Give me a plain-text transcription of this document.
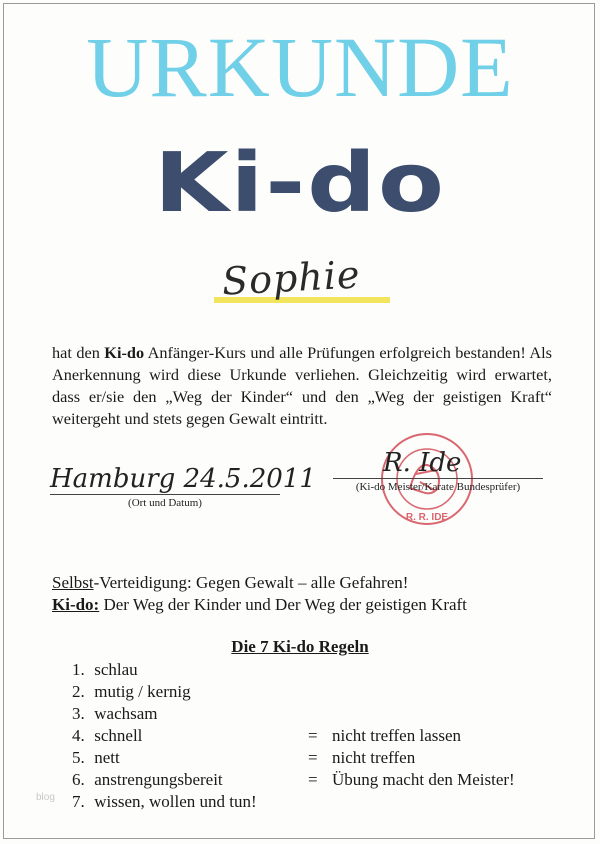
URKUNDE
Ki-do
Sophie
hat den Ki-do Anfänger-Kurs und alle Prüfungen erfolgreich bestanden! Als Anerkennung wird diese Urkunde verliehen. Gleichzeitig wird erwartet, dass er/sie den „Weg der Kinder“ und den „Weg der geistigen Kraft“ weitergeht und stets gegen Gewalt eintritt.
Hamburg 24.5.2011
(Ort und Datum)
R. R. IDE
R. Ide
(Ki-do Meister/Karate Bundesprüfer)
Selbst-Verteidigung: Gegen Gewalt – alle Gefahren!
Ki-do: Der Weg der Kinder und Der Weg der geistigen Kraft
Die 7 Ki-do Regeln
1. schlau
2. mutig / kernig
3. wachsam
4. schnell	= nicht treffen lassen
5. nett	= nicht treffen
6. anstrengungsbereit	= Übung macht den Meister!
7. wissen, wollen und tun!
blog
